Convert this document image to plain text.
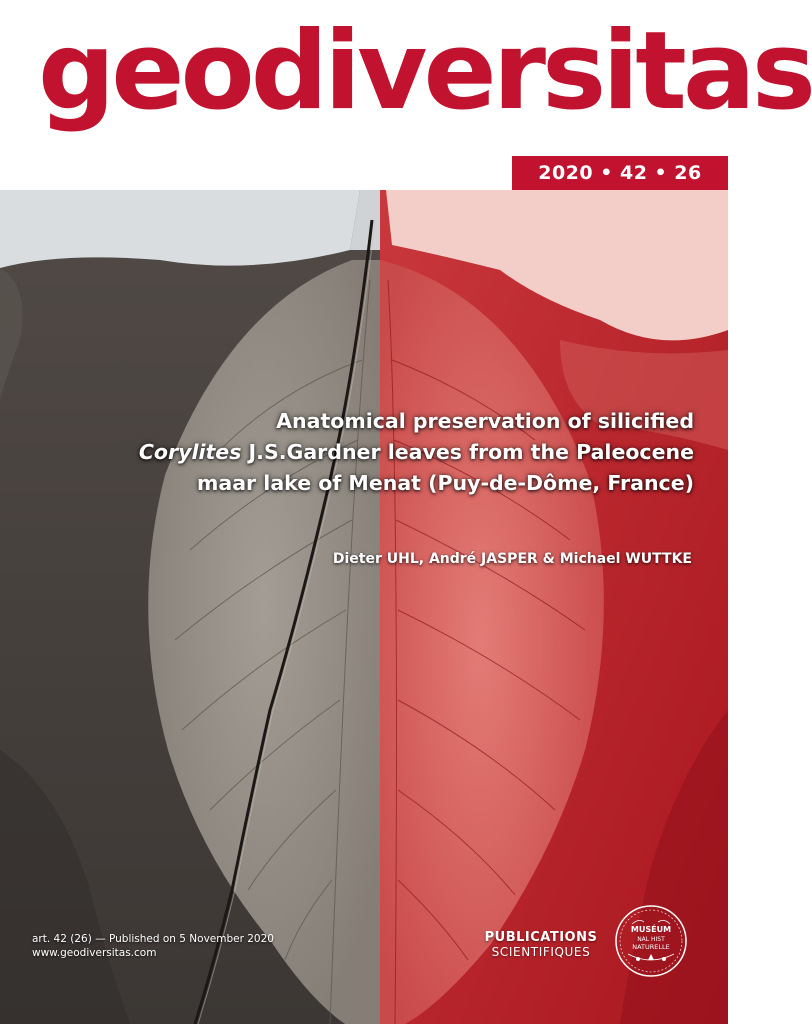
geodiversitas
2020 • 42 • 26
Anatomical preservation of silicified
Corylites J.S.Gardner leaves from the Paleocene
maar lake of Menat (Puy-de-Dôme, France)

Dieter UHL, André JASPER & Michael WUTTKE

art. 42 (26) — Published on 5 November 2020
www.geodiversitas.com
PUBLICATIONS
SCIENTIFIQUES
MUSÉUM
NAL HIST
NATURELLE
